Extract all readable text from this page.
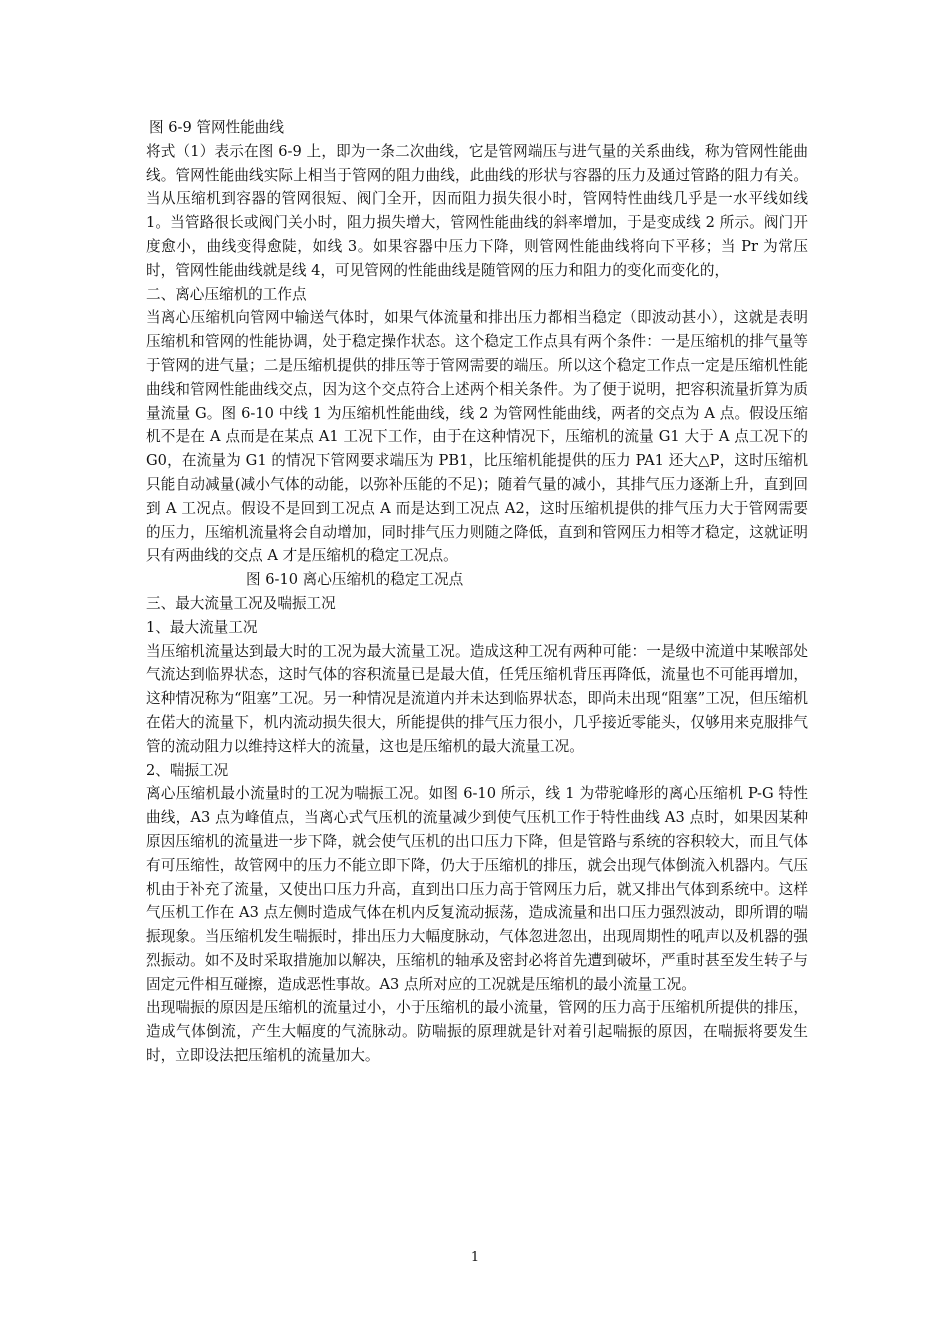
图 6-9 管网性能曲线

将式（1）表示在图 6-9 上，即为一条二次曲线，它是管网端压与进气量的关系曲线，称为管网性能曲线。管网性能曲线实际上相当于管网的阻力曲线，此曲线的形状与容器的压力及通过管路的阻力有关。当从压缩机到容器的管网很短、阀门全开，因而阻力损失很小时，管网特性曲线几乎是一水平线如线 1。当管路很长或阀门关小时，阻力损失增大，管网性能曲线的斜率增加，于是变成线 2 所示。阀门开度愈小，曲线变得愈陡，如线 3。如果容器中压力下降，则管网性能曲线将向下平移；当 Pr 为常压时，管网性能曲线就是线 4，可见管网的性能曲线是随管网的压力和阻力的变化而变化的，

二、离心压缩机的工作点

当离心压缩机向管网中输送气体时，如果气体流量和排出压力都相当稳定（即波动甚小），这就是表明压缩机和管网的性能协调，处于稳定操作状态。这个稳定工作点具有两个条件：一是压缩机的排气量等于管网的进气量；二是压缩机提供的排压等于管网需要的端压。所以这个稳定工作点一定是压缩机性能曲线和管网性能曲线交点，因为这个交点符合上述两个相关条件。为了便于说明，把容积流量折算为质量流量 G。图 6-10 中线 1 为压缩机性能曲线，线 2 为管网性能曲线，两者的交点为 A 点。假设压缩机不是在 A 点而是在某点 A1 工况下工作，由于在这种情况下，压缩机的流量 G1 大于 A 点工况下的 G0，在流量为 G1 的情况下管网要求端压为 PB1，比压缩机能提供的压力 PA1 还大△P，这时压缩机只能自动减量(减小气体的动能，以弥补压能的不足)；随着气量的减小，其排气压力逐渐上升，直到回到 A 工况点。假设不是回到工况点 A 而是达到工况点 A2，这时压缩机提供的排气压力大于管网需要的压力，压缩机流量将会自动增加，同时排气压力则随之降低，直到和管网压力相等才稳定，这就证明只有两曲线的交点 A 才是压缩机的稳定工况点。

图 6-10 离心压缩机的稳定工况点

三、最大流量工况及喘振工况

1、最大流量工况

当压缩机流量达到最大时的工况为最大流量工况。造成这种工况有两种可能：一是级中流道中某喉部处气流达到临界状态，这时气体的容积流量已是最大值，任凭压缩机背压再降低，流量也不可能再增加，这种情况称为“阻塞”工况。另一种情况是流道内并未达到临界状态，即尚未出现“阻塞”工况，但压缩机在偌大的流量下，机内流动损失很大，所能提供的排气压力很小，几乎接近零能头，仅够用来克服排气管的流动阻力以维持这样大的流量，这也是压缩机的最大流量工况。

2、喘振工况

离心压缩机最小流量时的工况为喘振工况。如图 6-10 所示，线 1 为带驼峰形的离心压缩机 P-G 特性曲线，A3 点为峰值点，当离心式气压机的流量减少到使气压机工作于特性曲线 A3 点时，如果因某种原因压缩机的流量进一步下降，就会使气压机的出口压力下降，但是管路与系统的容积较大，而且气体有可压缩性，故管网中的压力不能立即下降，仍大于压缩机的排压，就会出现气体倒流入机器内。气压机由于补充了流量，又使出口压力升高，直到出口压力高于管网压力后，就又排出气体到系统中。这样气压机工作在 A3 点左侧时造成气体在机内反复流动振荡，造成流量和出口压力强烈波动，即所谓的喘振现象。当压缩机发生喘振时，排出压力大幅度脉动，气体忽进忽出，出现周期性的吼声以及机器的强烈振动。如不及时采取措施加以解决，压缩机的轴承及密封必将首先遭到破坏，严重时甚至发生转子与固定元件相互碰擦，造成恶性事故。A3 点所对应的工况就是压缩机的最小流量工况。

出现喘振的原因是压缩机的流量过小，小于压缩机的最小流量，管网的压力高于压缩机所提供的排压，造成气体倒流，产生大幅度的气流脉动。防喘振的原理就是针对着引起喘振的原因，在喘振将要发生时，立即设法把压缩机的流量加大。

1
